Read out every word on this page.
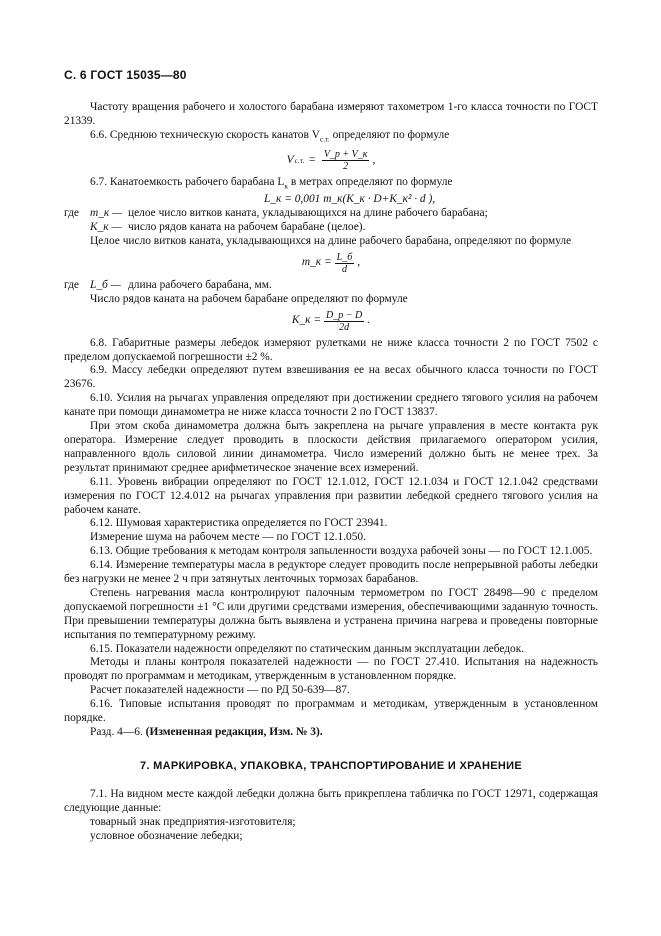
С. 6 ГОСТ 15035—80

Частоту вращения рабочего и холостого барабана измеряют тахометром 1-го класса точности по ГОСТ 21339.

6.6. Среднюю техническую скорость канатов $V_{с.т.}$ определяют по формуле

V с.т. = $\frac{V\_р + V\_к}{2}$ ,

6.7. Канатоемкость рабочего барабана $L_к$ в метрах определяют по формуле

L_к = 0,001 m_к(K_к · D+K_к² · d ),

где m_к — целое число витков каната, укладывающихся на длине рабочего барабана;
K_к — число рядов каната на рабочем барабане (целое).

Целое число витков каната, укладывающихся на длине рабочего барабана, определяют по формуле

m_к = $\frac{L\_б}{d}$ ,
где L_б — длина рабочего барабана, мм.

Число рядов каната на рабочем барабане определяют по формуле

K_к = $\frac{D\_р - D}{2d}$ .

6.8. Габаритные размеры лебедок измеряют рулетками не ниже класса точности 2 по ГОСТ 7502 с пределом допускаемой погрешности ±2 %.

6.9. Массу лебедки определяют путем взвешивания ее на весах обычного класса точности по ГОСТ 23676.

6.10. Усилия на рычагах управления определяют при достижении среднего тягового усилия на рабочем канате при помощи динамометра не ниже класса точности 2 по ГОСТ 13837.

При этом скоба динамометра должна быть закреплена на рычаге управления в месте контакта рук оператора. Измерение следует проводить в плоскости действия прилагаемого оператором усилия, направленного вдоль силовой линии динамометра. Число измерений должно быть не менее трех. За результат принимают среднее арифметическое значение всех измерений.

6.11. Уровень вибрации определяют по ГОСТ 12.1.012, ГОСТ 12.1.034 и ГОСТ 12.1.042 средствами измерения по ГОСТ 12.4.012 на рычагах управления при развитии лебедкой среднего тягового усилия на рабочем канате.

6.12. Шумовая характеристика определяется по ГОСТ 23941.

Измерение шума на рабочем месте — по ГОСТ 12.1.050.

6.13. Общие требования к методам контроля запыленности воздуха рабочей зоны — по ГОСТ 12.1.005.

6.14. Измерение температуры масла в редукторе следует проводить после непрерывной работы лебедки без нагрузки не менее 2 ч при затянутых ленточных тормозах барабанов.

Степень нагревания масла контролируют палочным термометром по ГОСТ 28498—90 с пределом допускаемой погрешности ±1 °С или другими средствами измерения, обеспечивающими заданную точность. При превышении температуры должна быть выявлена и устранена причина нагрева и проведены повторные испытания по температурному режиму.

6.15. Показатели надежности определяют по статическим данным эксплуатации лебедок.

Методы и планы контроля показателей надежности — по ГОСТ 27.410. Испытания на надежность проводят по программам и методикам, утвержденным в установленном порядке.

Расчет показателей надежности — по РД 50-639—87.

6.16. Типовые испытания проводят по программам и методикам, утвержденным в установленном порядке.

Разд. 4—6. (Измененная редакция, Изм. № 3).

7. МАРКИРОВКА, УПАКОВКА, ТРАНСПОРТИРОВАНИЕ И ХРАНЕНИЕ

7.1. На видном месте каждой лебедки должна быть прикреплена табличка по ГОСТ 12971, содержащая следующие данные:

товарный знак предприятия-изготовителя;

условное обозначение лебедки;
